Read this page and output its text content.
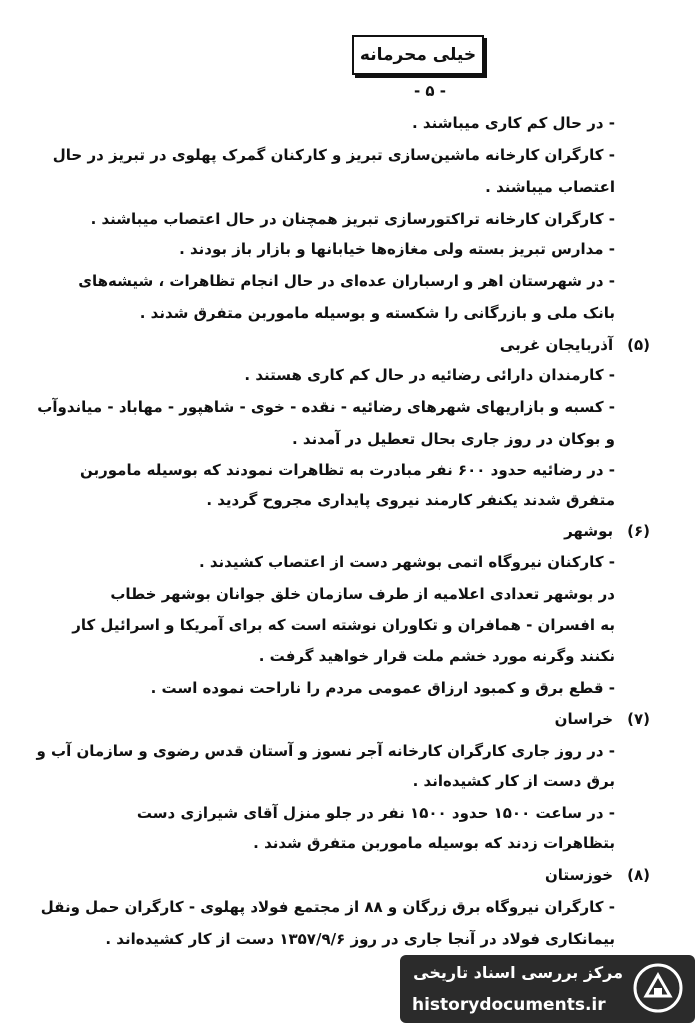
خیلی محرمانه
- ۵ -
- در حال کم کاری میباشند .
- کارگران کارخانه ماشین‌سازی تبریز و کارکنان گمرک پهلوی در تبریز در حال
اعتصاب میباشند .
- کارگران کارخانه تراکتورسازی تبریز همچنان در حال اعتصاب میباشند .
- مدارس تبریز بسته ولی مغازه‌ها خیابانها و بازار باز بودند .
- در شهرستان اهر و ارسباران عده‌ای در حال انجام تظاهرات ، شیشه‌های
بانک ملی و بازرگانی را شکسته و بوسیله ماموربن متفرق شدند .
(۵)آذربایجان غربی
- کارمندان دارائی رضائیه در حال کم کاری هستند .
- کسبه و بازاریهای شهرهای رضائیه - نقده - خوی - شاهپور - مهاباد - میاندوآب
و بوکان در روز جاری بحال تعطیل در آمدند .
- در رضائیه حدود ۶۰۰ نفر مبادرت به تظاهرات نمودند که بوسیله ماموربن
متفرق شدند یکنفر کارمند نیروی پایداری مجروح گردید .
(۶)بوشهر
- کارکنان نیروگاه اتمی بوشهر دست از اعتصاب کشیدند .
در بوشهر تعدادی اعلامیه از طرف سازمان خلق جوانان بوشهر خطاب
به افسران - همافران و تکاوران نوشته است که برای آمریکا و اسرائیل کار
نکنند وگرنه مورد خشم ملت قرار خواهید گرفت .
- قطع برق و کمبود ارزاق عمومی مردم را ناراحت نموده است .
(۷)خراسان
- در روز جاری کارگران کارخانه آجر نسوز و آستان قدس رضوی و سازمان آب و
برق دست از کار کشیده‌اند .
- در ساعت ۱۵۰۰ حدود ۱۵۰۰ نفر در جلو منزل آقای شیرازی دست
بتظاهرات زدند که بوسیله ماموربن متفرق شدند .
(۸)خوزستان
- کارگران نیروگاه برق زرگان و ۸۸ از مجتمع فولاد پهلوی - کارگران حمل ونقل
بیمانکاری فولاد در آنجا جاری در روز ۱۳۵۷/۹/۶ دست از کار کشیده‌اند .
مرکز بررسی اسناد تاریخی
historydocuments.ir
